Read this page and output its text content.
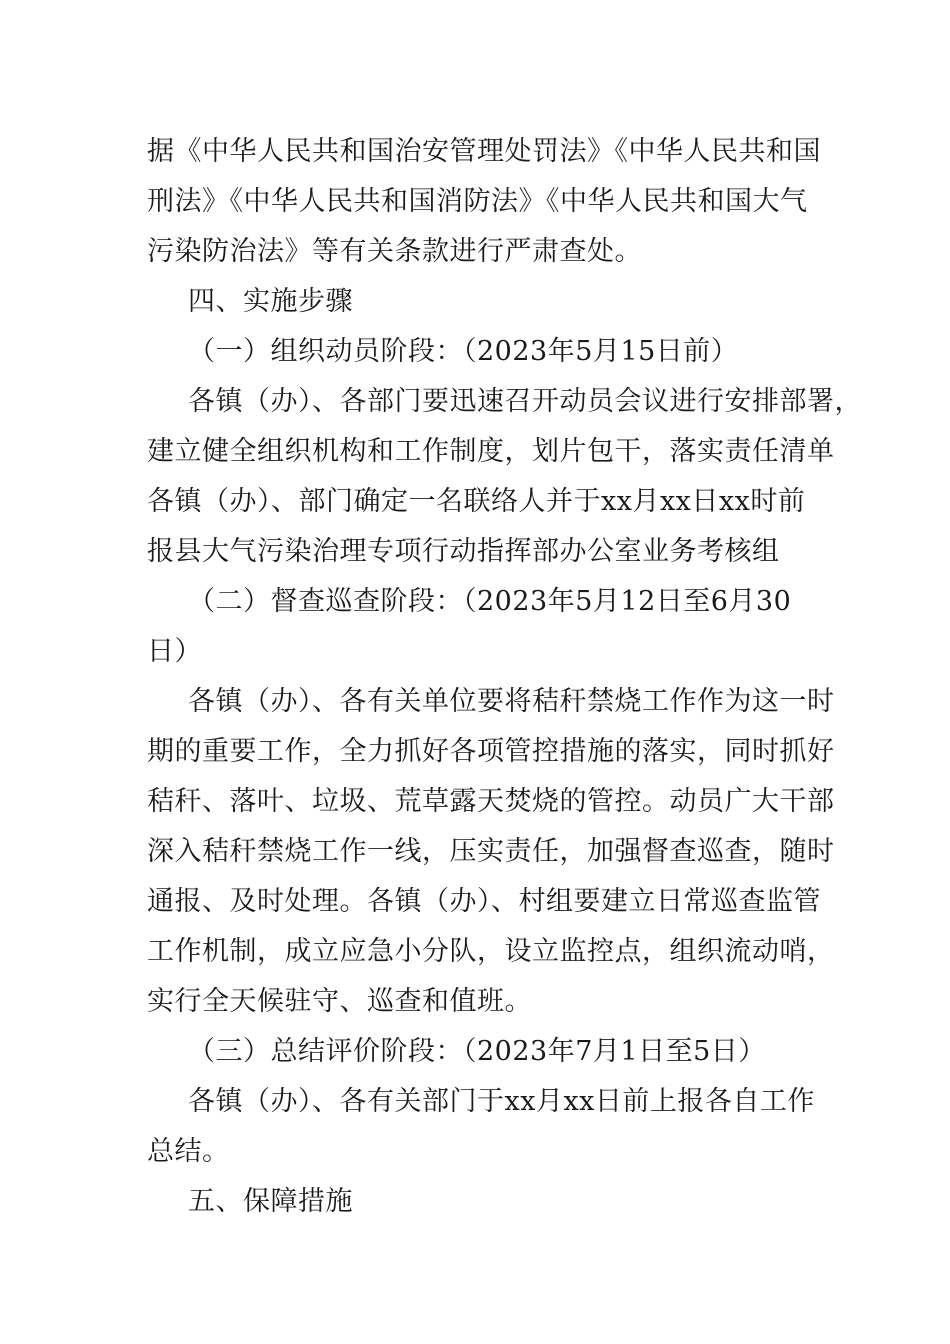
据《中华人民共和国治安管理处罚法》《中华人民共和国
刑法》《中华人民共和国消防法》《中华人民共和国大气
污染防治法》等有关条款进行严肃查处。
四、实施步骤
（一）组织动员阶段：（2023年5月15日前）
各镇（办）、各部门要迅速召开动员会议进行安排部署，
建立健全组织机构和工作制度，划片包干，落实责任清单
各镇（办）、部门确定一名联络人并于xx月xx日xx时前
报县大气污染治理专项行动指挥部办公室业务考核组
（二）督查巡查阶段：（2023年5月12日至6月30
日）
各镇（办）、各有关单位要将秸秆禁烧工作作为这一时
期的重要工作，全力抓好各项管控措施的落实，同时抓好
秸秆、落叶、垃圾、荒草露天焚烧的管控。动员广大干部
深入秸秆禁烧工作一线，压实责任，加强督查巡查，随时
通报、及时处理。各镇（办）、村组要建立日常巡查监管
工作机制，成立应急小分队，设立监控点，组织流动哨，
实行全天候驻守、巡查和值班。
（三）总结评价阶段：（2023年7月1日至5日）
各镇（办）、各有关部门于xx月xx日前上报各自工作
总结。
五、保障措施
